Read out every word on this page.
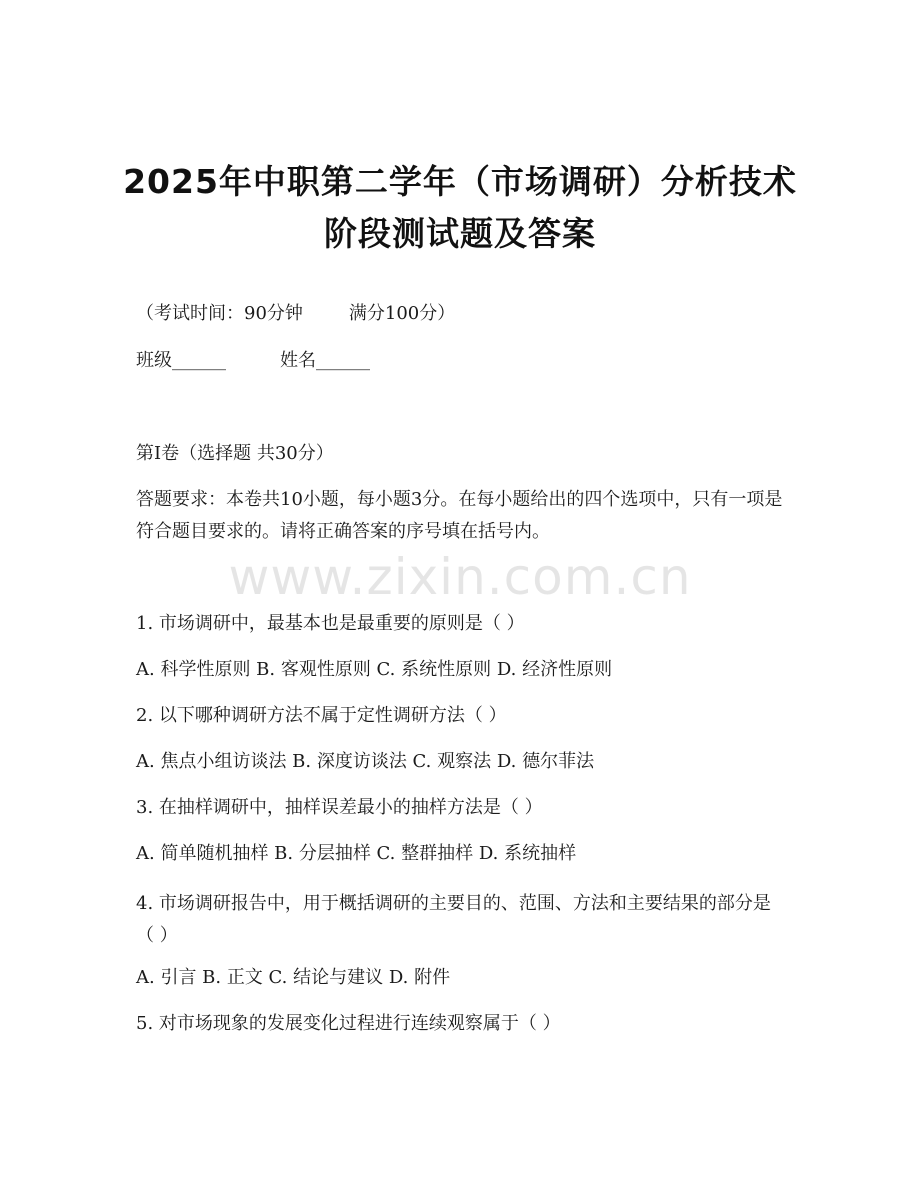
2025年中职第二学年（市场调研）分析技术
阶段测试题及答案
（考试时间：90分钟	满分100分）
班级______	姓名______
第I卷（选择题 共30分）
答题要求：本卷共10小题，每小题3分。在每小题给出的四个选项中，只有一项是符合题目要求的。请将正确答案的序号填在括号内。
www.zixin.com.cn
1. 市场调研中，最基本也是最重要的原则是（ ）
A. 科学性原则 B. 客观性原则 C. 系统性原则 D. 经济性原则
2. 以下哪种调研方法不属于定性调研方法（ ）
A. 焦点小组访谈法 B. 深度访谈法 C. 观察法 D. 德尔菲法
3. 在抽样调研中，抽样误差最小的抽样方法是（ ）
A. 简单随机抽样 B. 分层抽样 C. 整群抽样 D. 系统抽样
4. 市场调研报告中，用于概括调研的主要目的、范围、方法和主要结果的部分是（ ）
A. 引言 B. 正文 C. 结论与建议 D. 附件
5. 对市场现象的发展变化过程进行连续观察属于（ ）
